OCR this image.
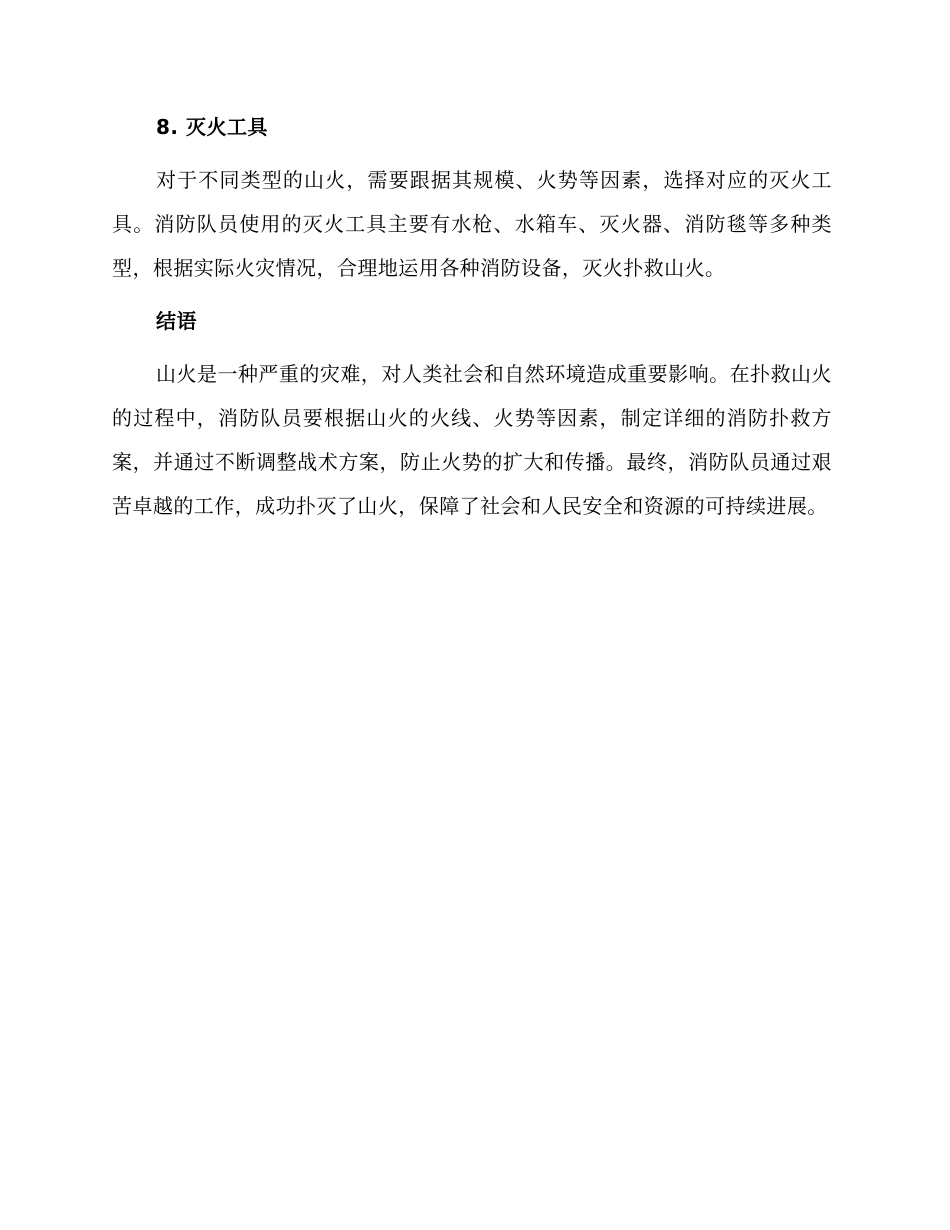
8. 灭火工具

对于不同类型的山火，需要跟据其规模、火势等因素，选择对应的灭火工具。消防队员使用的灭火工具主要有水枪、水箱车、灭火器、消防毯等多种类型，根据实际火灾情况，合理地运用各种消防设备，灭火扑救山火。

结语

山火是一种严重的灾难，对人类社会和自然环境造成重要影响。在扑救山火的过程中，消防队员要根据山火的火线、火势等因素，制定详细的消防扑救方案，并通过不断调整战术方案，防止火势的扩大和传播。最终，消防队员通过艰苦卓越的工作，成功扑灭了山火，保障了社会和人民安全和资源的可持续进展。
